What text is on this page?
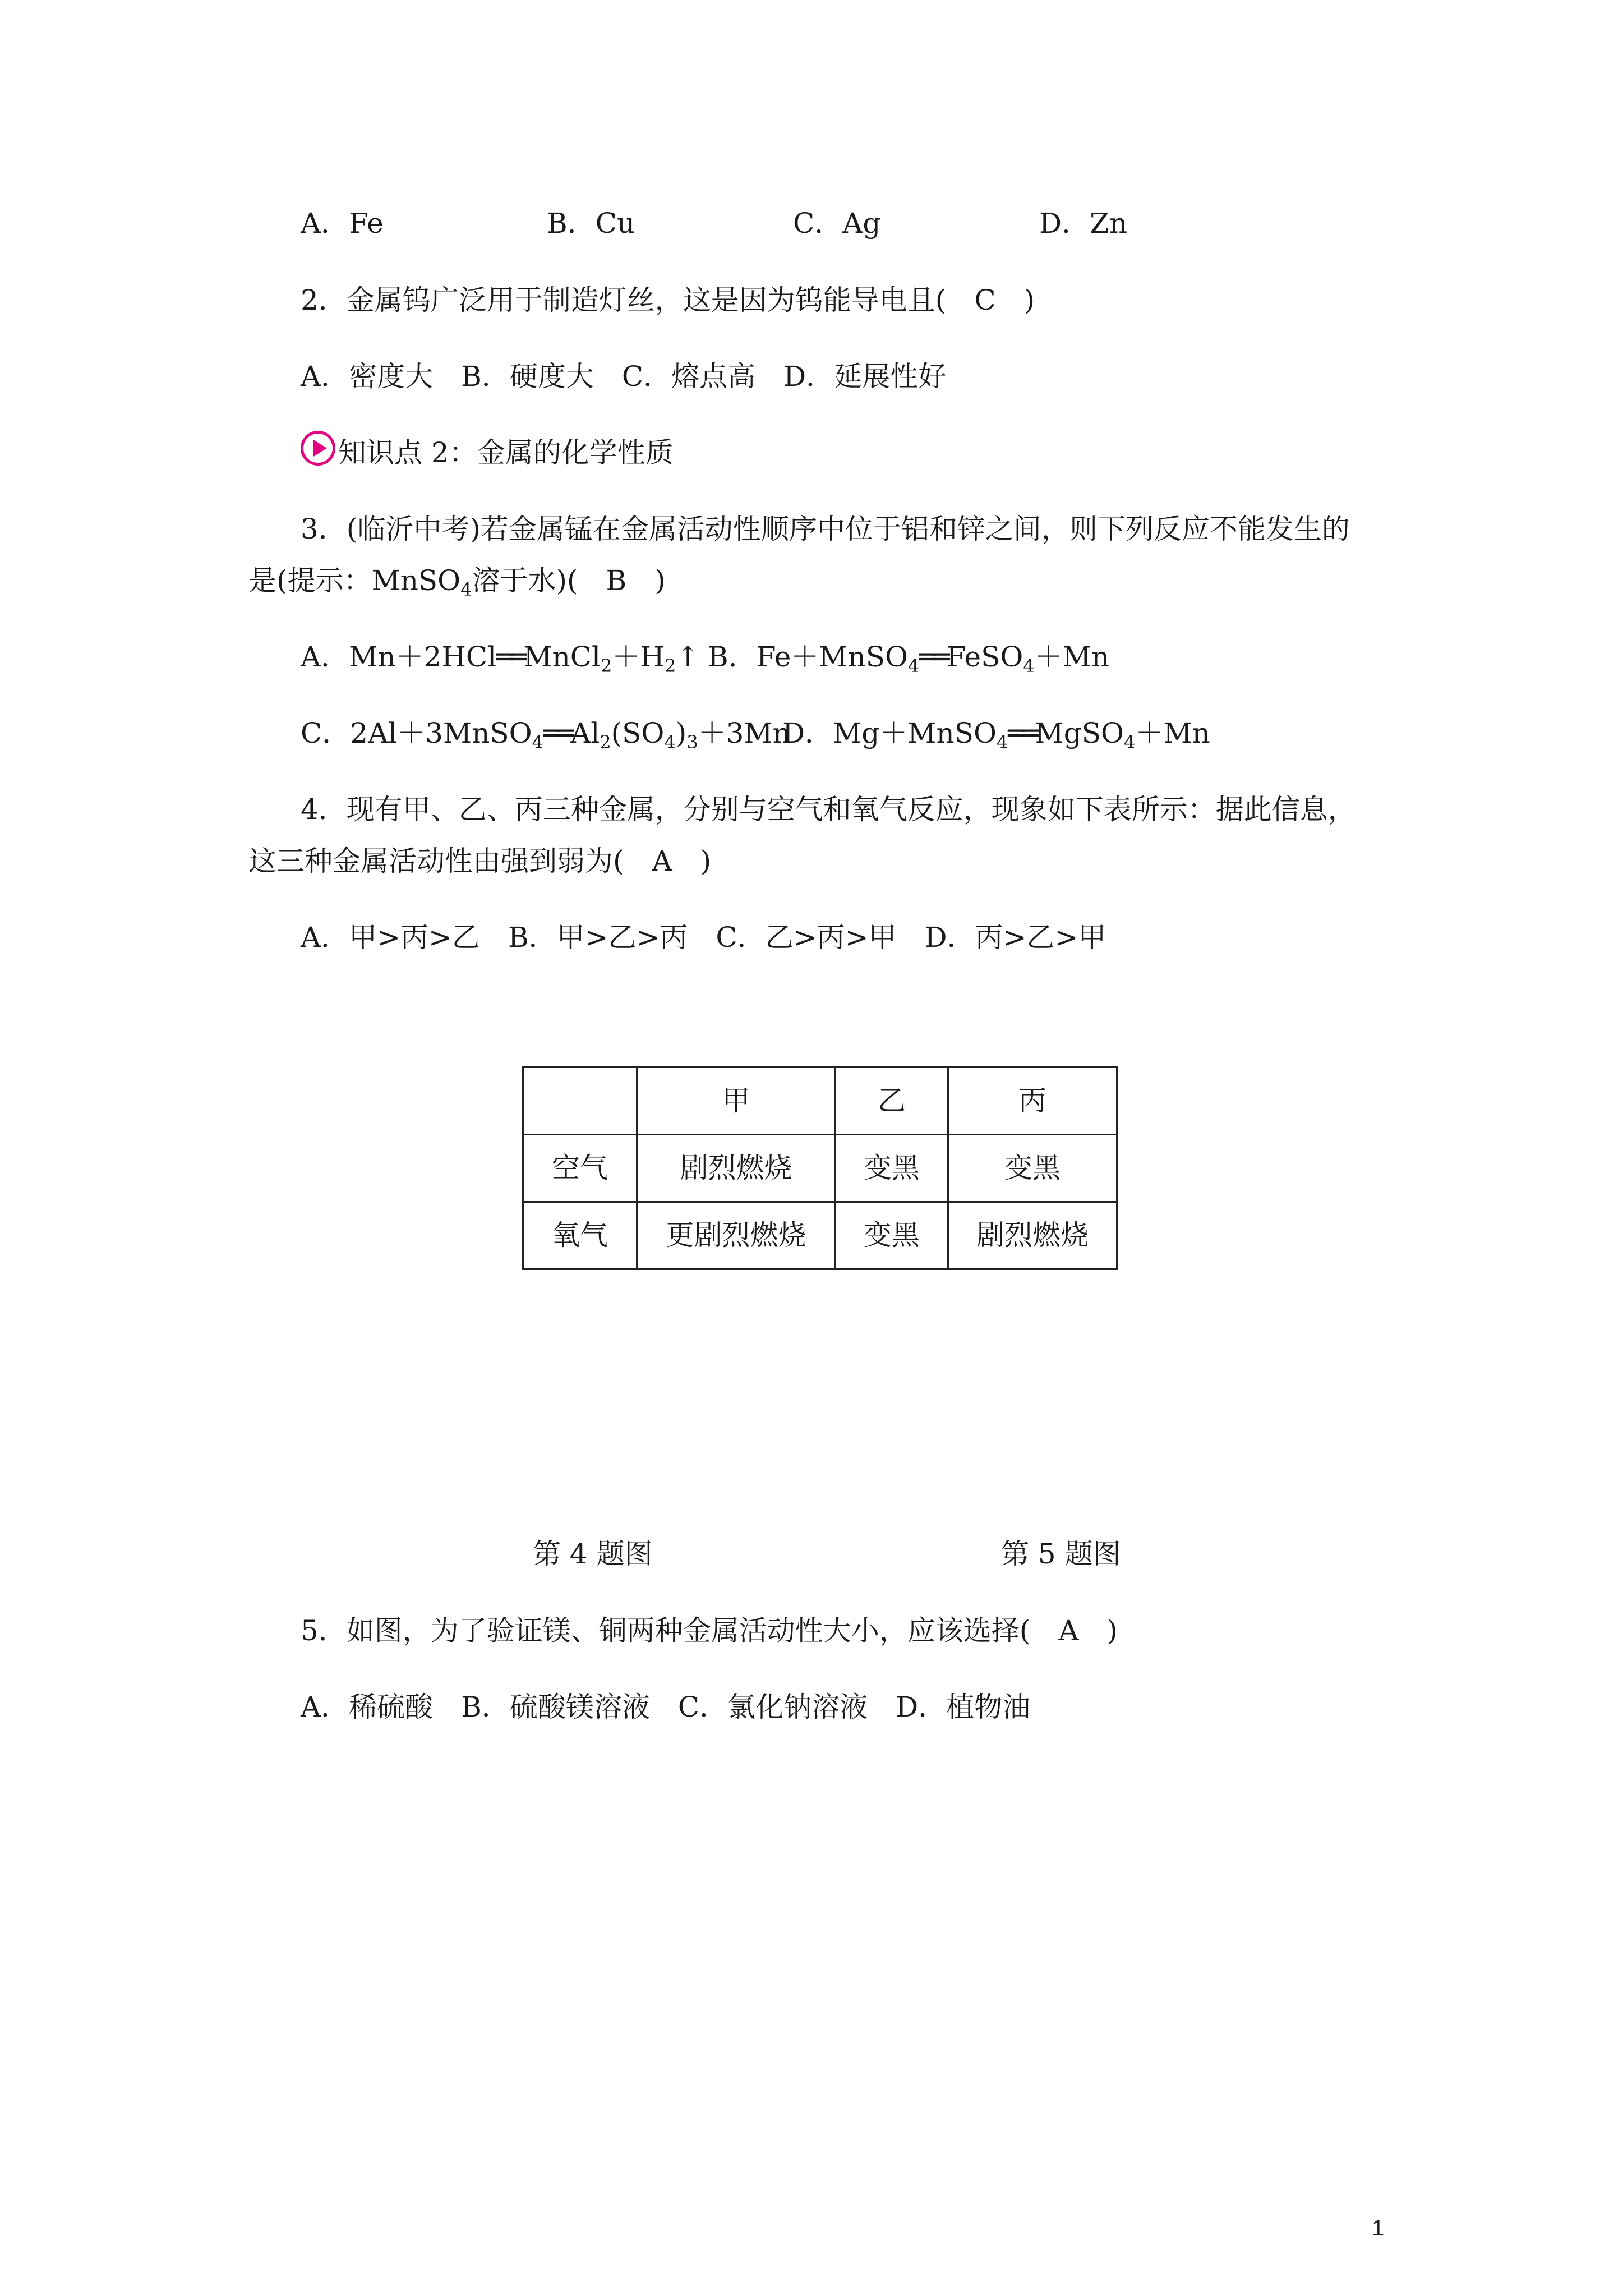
A．Fe	B．Cu	C．Ag	D．Zn
2．金属钨广泛用于制造灯丝，这是因为钨能导电且(　C　)
A．密度大　B．硬度大　C．熔点高　D．延展性好
知识点 2：金属的化学性质
3．(临沂中考)若金属锰在金属活动性顺序中位于铝和锌之间，则下列反应不能发生的
是(提示：MnSO$_4$溶于水)(　B　)
A．$Mn+2HCl══MnCl_2+H_2↑$ B．Fe＋MnSO$_4$══FeSO$_4$＋Mn
C．$2Al+3MnSO_4══Al_2(SO_4)_3+3Mn$
D．Mg＋MnSO$_4$══MgSO$_4$＋Mn
4．现有甲、乙、丙三种金属，分别与空气和氧气反应，现象如下表所示：据此信息，
这三种金属活动性由强到弱为(　A　)
A．甲>丙>乙　B．甲>乙>丙　C．乙>丙>甲　D．丙>乙>甲
	甲	乙	丙
空气	剧烈燃烧	变黑	变黑
氧气	更剧烈燃烧	变黑	剧烈燃烧
第 4 题图	第 5 题图
5．如图，为了验证镁、铜两种金属活动性大小，应该选择(　A　)
A．稀硫酸　B．硫酸镁溶液　C．氯化钠溶液　D．植物油
1
